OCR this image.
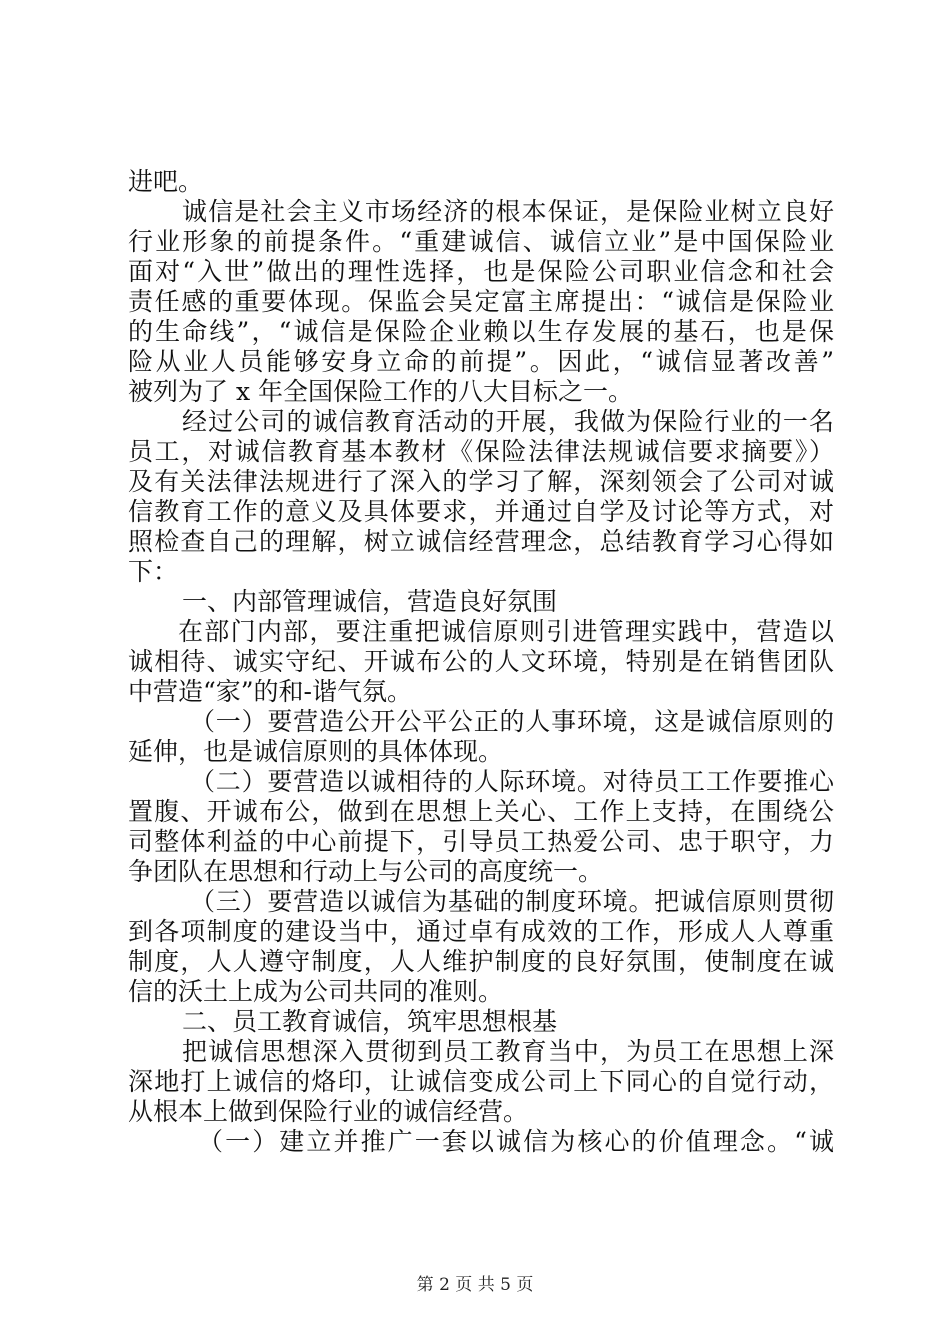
进吧。
诚信是社会主义市场经济的根本保证，是保险业树立良好
行业形象的前提条件。“重建诚信、诚信立业”是中国保险业
面对“入世”做出的理性选择，也是保险公司职业信念和社会
责任感的重要体现。保监会吴定富主席提出：“诚信是保险业
的生命线”，“诚信是保险企业赖以生存发展的基石，也是保
险从业人员能够安身立命的前提”。因此，“诚信显著改善”
被列为了 x 年全国保险工作的八大目标之一。
经过公司的诚信教育活动的开展，我做为保险行业的一名
员工，对诚信教育基本教材《保险法律法规诚信要求摘要》）
及有关法律法规进行了深入的学习了解，深刻领会了公司对诚
信教育工作的意义及具体要求，并通过自学及讨论等方式，对
照检查自己的理解，树立诚信经营理念，总结教育学习心得如
下：
一、内部管理诚信，营造良好氛围
在部门内部，要注重把诚信原则引进管理实践中，营造以
诚相待、诚实守纪、开诚布公的人文环境，特别是在销售团队
中营造“家”的和-谐气氛。
（一）要营造公开公平公正的人事环境，这是诚信原则的
延伸，也是诚信原则的具体体现。
（二）要营造以诚相待的人际环境。对待员工工作要推心
置腹、开诚布公，做到在思想上关心、工作上支持，在围绕公
司整体利益的中心前提下，引导员工热爱公司、忠于职守，力
争团队在思想和行动上与公司的高度统一。
（三）要营造以诚信为基础的制度环境。把诚信原则贯彻
到各项制度的建设当中，通过卓有成效的工作，形成人人尊重
制度，人人遵守制度，人人维护制度的良好氛围，使制度在诚
信的沃土上成为公司共同的准则。
二、员工教育诚信，筑牢思想根基
把诚信思想深入贯彻到员工教育当中，为员工在思想上深
深地打上诚信的烙印，让诚信变成公司上下同心的自觉行动，
从根本上做到保险行业的诚信经营。
（一）建立并推广一套以诚信为核心的价值理念。“诚
第 2 页 共 5 页
